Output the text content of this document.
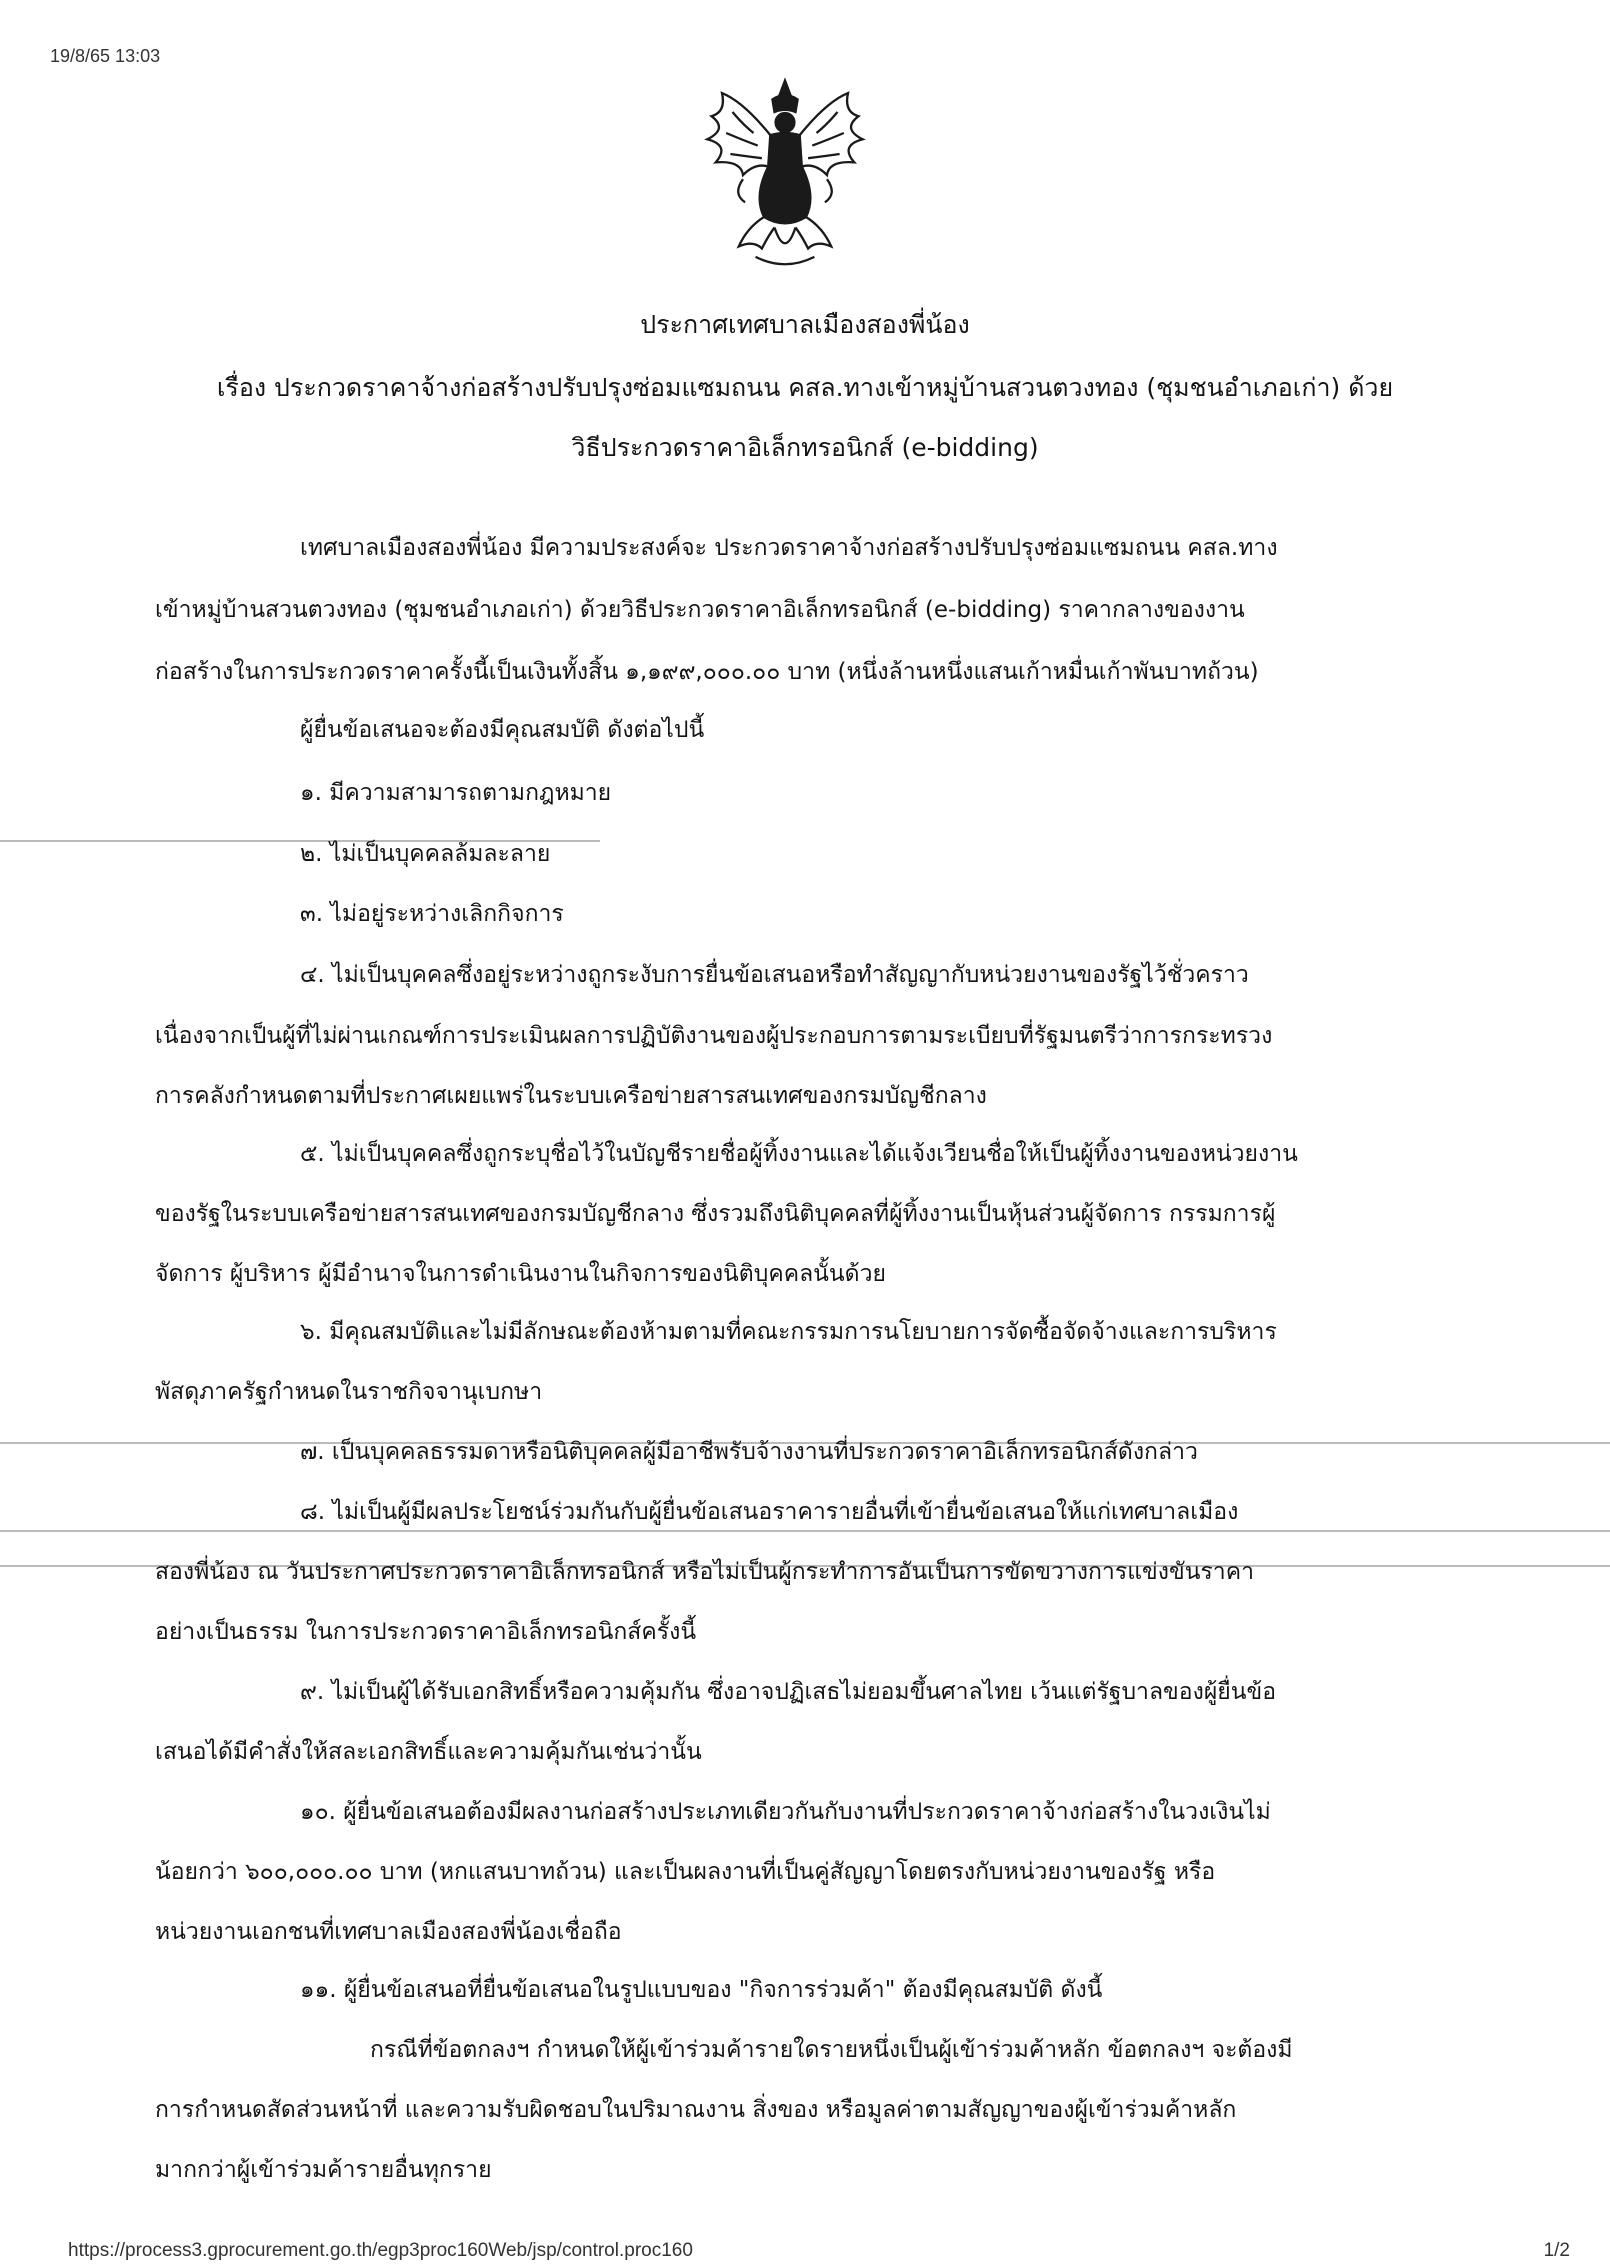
19/8/65 13:03
ประกาศเทศบาลเมืองสองพี่น้อง
เรื่อง ประกวดราคาจ้างก่อสร้างปรับปรุงซ่อมแซมถนน คสล.ทางเข้าหมู่บ้านสวนตวงทอง (ชุมชนอำเภอเก่า) ด้วย
วิธีประกวดราคาอิเล็กทรอนิกส์ (e-bidding)
เทศบาลเมืองสองพี่น้อง มีความประสงค์จะ ประกวดราคาจ้างก่อสร้างปรับปรุงซ่อมแซมถนน คสล.ทาง
เข้าหมู่บ้านสวนตวงทอง (ชุมชนอำเภอเก่า) ด้วยวิธีประกวดราคาอิเล็กทรอนิกส์ (e-bidding) ราคากลางของงาน
ก่อสร้างในการประกวดราคาครั้งนี้เป็นเงินทั้งสิ้น ๑,๑๙๙,๐๐๐.๐๐ บาท (หนึ่งล้านหนึ่งแสนเก้าหมื่นเก้าพันบาทถ้วน)
ผู้ยื่นข้อเสนอจะต้องมีคุณสมบัติ ดังต่อไปนี้
๑. มีความสามารถตามกฎหมาย
๒. ไม่เป็นบุคคลล้มละลาย
๓. ไม่อยู่ระหว่างเลิกกิจการ
๔. ไม่เป็นบุคคลซึ่งอยู่ระหว่างถูกระงับการยื่นข้อเสนอหรือทำสัญญากับหน่วยงานของรัฐไว้ชั่วคราว
เนื่องจากเป็นผู้ที่ไม่ผ่านเกณฑ์การประเมินผลการปฏิบัติงานของผู้ประกอบการตามระเบียบที่รัฐมนตรีว่าการกระทรวง
การคลังกำหนดตามที่ประกาศเผยแพร่ในระบบเครือข่ายสารสนเทศของกรมบัญชีกลาง
๕. ไม่เป็นบุคคลซึ่งถูกระบุชื่อไว้ในบัญชีรายชื่อผู้ทิ้งงานและได้แจ้งเวียนชื่อให้เป็นผู้ทิ้งงานของหน่วยงาน
ของรัฐในระบบเครือข่ายสารสนเทศของกรมบัญชีกลาง ซึ่งรวมถึงนิติบุคคลที่ผู้ทิ้งงานเป็นหุ้นส่วนผู้จัดการ กรรมการผู้
จัดการ ผู้บริหาร ผู้มีอำนาจในการดำเนินงานในกิจการของนิติบุคคลนั้นด้วย
๖. มีคุณสมบัติและไม่มีลักษณะต้องห้ามตามที่คณะกรรมการนโยบายการจัดซื้อจัดจ้างและการบริหาร
พัสดุภาครัฐกำหนดในราชกิจจานุเบกษา
๗. เป็นบุคคลธรรมดาหรือนิติบุคคลผู้มีอาชีพรับจ้างงานที่ประกวดราคาอิเล็กทรอนิกส์ดังกล่าว
๘. ไม่เป็นผู้มีผลประโยชน์ร่วมกันกับผู้ยื่นข้อเสนอราคารายอื่นที่เข้ายื่นข้อเสนอให้แก่เทศบาลเมือง
สองพี่น้อง ณ วันประกาศประกวดราคาอิเล็กทรอนิกส์ หรือไม่เป็นผู้กระทำการอันเป็นการขัดขวางการแข่งขันราคา
อย่างเป็นธรรม ในการประกวดราคาอิเล็กทรอนิกส์ครั้งนี้
๙. ไม่เป็นผู้ได้รับเอกสิทธิ์หรือความคุ้มกัน ซึ่งอาจปฏิเสธไม่ยอมขึ้นศาลไทย เว้นแต่รัฐบาลของผู้ยื่นข้อ
เสนอได้มีคำสั่งให้สละเอกสิทธิ์และความคุ้มกันเช่นว่านั้น
๑๐. ผู้ยื่นข้อเสนอต้องมีผลงานก่อสร้างประเภทเดียวกันกับงานที่ประกวดราคาจ้างก่อสร้างในวงเงินไม่
น้อยกว่า ๖๐๐,๐๐๐.๐๐ บาท (หกแสนบาทถ้วน) และเป็นผลงานที่เป็นคู่สัญญาโดยตรงกับหน่วยงานของรัฐ หรือ
หน่วยงานเอกชนที่เทศบาลเมืองสองพี่น้องเชื่อถือ
๑๑. ผู้ยื่นข้อเสนอที่ยื่นข้อเสนอในรูปแบบของ "กิจการร่วมค้า" ต้องมีคุณสมบัติ ดังนี้
กรณีที่ข้อตกลงฯ กำหนดให้ผู้เข้าร่วมค้ารายใดรายหนึ่งเป็นผู้เข้าร่วมค้าหลัก ข้อตกลงฯ จะต้องมี
การกำหนดสัดส่วนหน้าที่ และความรับผิดชอบในปริมาณงาน สิ่งของ หรือมูลค่าตามสัญญาของผู้เข้าร่วมค้าหลัก
มากกว่าผู้เข้าร่วมค้ารายอื่นทุกราย
https://process3.gprocurement.go.th/egp3proc160Web/jsp/control.proc160	1/2
